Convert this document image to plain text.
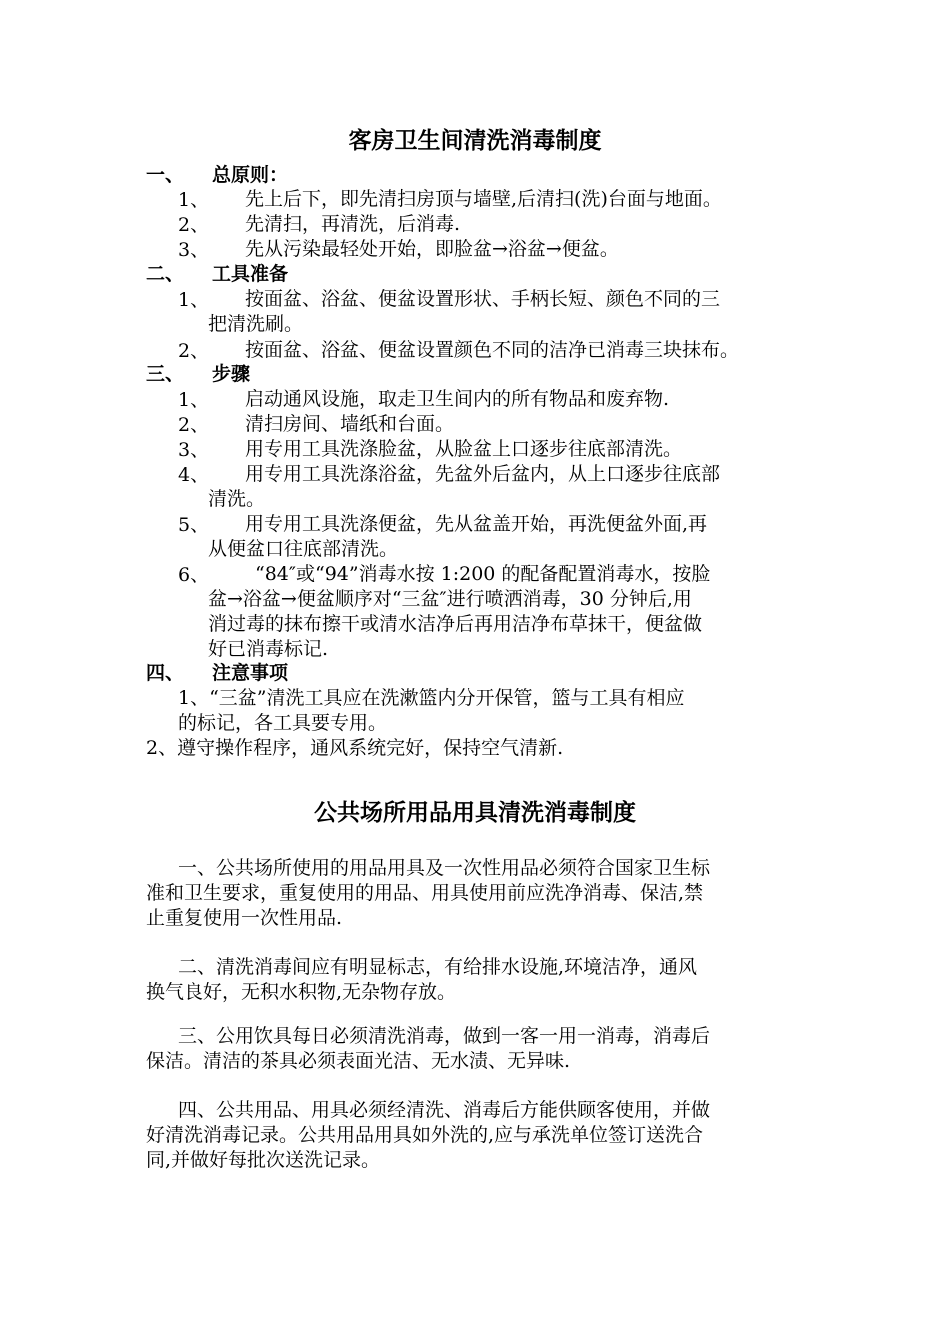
客房卫生间清洗消毒制度
一、 总原则：
1、 先上后下，即先清扫房顶与墙壁,后清扫(洗)台面与地面。
2、 先清扫，再清洗，后消毒.
3、 先从污染最轻处开始，即脸盆→浴盆→便盆。
二、 工具准备
1、 按面盆、浴盆、便盆设置形状、手柄长短、颜色不同的三
把清洗刷。
2、 按面盆、浴盆、便盆设置颜色不同的洁净已消毒三块抹布。
三、 步骤
1、 启动通风设施，取走卫生间内的所有物品和废弃物.
2、 清扫房间、墙纸和台面。
3、 用专用工具洗涤脸盆，从脸盆上口逐步往底部清洗。
4、 用专用工具洗涤浴盆，先盆外后盆内，从上口逐步往底部
清洗。
5、 用专用工具洗涤便盆，先从盆盖开始，再洗便盆外面,再
从便盆口往底部清洗。
6、 “84″或“94”消毒水按 1:200 的配备配置消毒水，按脸
盆→浴盆→便盆顺序对“三盆″进行喷洒消毒，30 分钟后,用
消过毒的抹布擦干或清水洁净后再用洁净布草抹干，便盆做
好已消毒标记.
四、 注意事项
1、“三盆”清洗工具应在洗漱篮内分开保管，篮与工具有相应
的标记，各工具要专用。
2、遵守操作程序，通风系统完好，保持空气清新.
公共场所用品用具清洗消毒制度
一、公共场所使用的用品用具及一次性用品必须符合国家卫生标
准和卫生要求，重复使用的用品、用具使用前应洗净消毒、保洁,禁
止重复使用一次性用品.
二、清洗消毒间应有明显标志，有给排水设施,环境洁净，通风
换气良好，无积水积物,无杂物存放。
三、公用饮具每日必须清洗消毒，做到一客一用一消毒，消毒后
保洁。清洁的茶具必须表面光洁、无水渍、无异味.
四、公共用品、用具必须经清洗、消毒后方能供顾客使用，并做
好清洗消毒记录。公共用品用具如外洗的,应与承洗单位签订送洗合
同,并做好每批次送洗记录。
